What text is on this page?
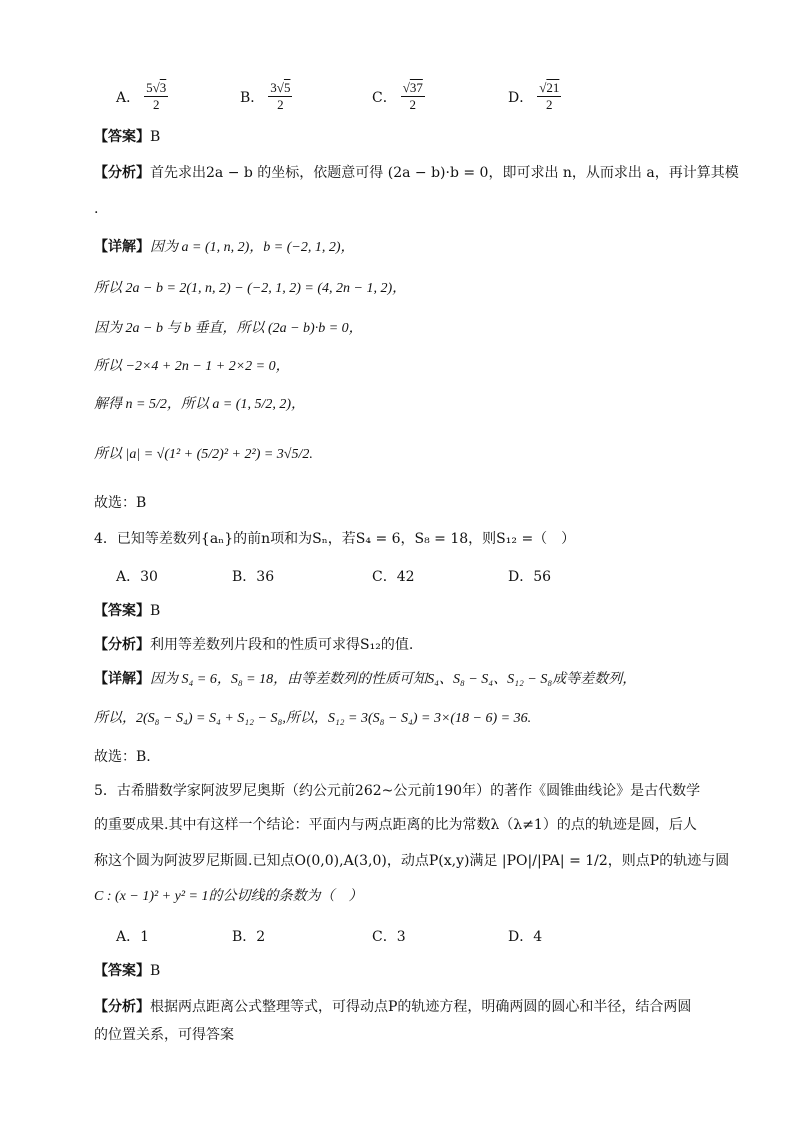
A． $\frac{5√3}{2}$	B． $\frac{3√5}{2}$	C． $\frac{√37}{2}$	D． $\frac{√21}{2}$
【答案】B
【分析】首先求出2a − b 的坐标，依题意可得 (2a − b)·b = 0，即可求出 n，从而求出 a，再计算其模
.
【详解】因为 a = (1, n, 2)，b = (−2, 1, 2)，
所以 2a − b = 2(1, n, 2) − (−2, 1, 2) = (4, 2n − 1, 2)，
因为 2a − b 与 b 垂直，所以 (2a − b)·b = 0，
所以 −2×4 + 2n − 1 + 2×2 = 0，
解得 n = 5/2，所以 a = (1, 5/2, 2)，
所以 |a| = √(1² + (5/2)² + 2²) = 3√5/2.
故选：B
4．已知等差数列{aₙ}的前n项和为Sₙ，若S₄ = 6，S₈ = 18，则S₁₂ =（　）
A．30	B．36	C．42	D．56
【答案】B
【分析】利用等差数列片段和的性质可求得S₁₂的值.
【详解】因为 S₄ = 6，S₈ = 18，由等差数列的性质可知S₄、S₈ − S₄、S₁₂ − S₈成等差数列，
所以，2(S₈ − S₄) = S₄ + S₁₂ − S₈,所以，S₁₂ = 3(S₈ − S₄) = 3×(18 − 6) = 36.
故选：B.
5．古希腊数学家阿波罗尼奥斯（约公元前262~公元前190年）的著作《圆锥曲线论》是古代数学
的重要成果.其中有这样一个结论：平面内与两点距离的比为常数λ（λ≠1）的点的轨迹是圆，后人
称这个圆为阿波罗尼斯圆.已知点O(0,0),A(3,0)，动点P(x,y)满足 |PO|/|PA| = 1/2，则点P的轨迹与圆
C : (x − 1)² + y² = 1的公切线的条数为（　）
A．1	B．2	C．3	D．4
【答案】B
【分析】根据两点距离公式整理等式，可得动点P的轨迹方程，明确两圆的圆心和半径，结合两圆
的位置关系，可得答案
